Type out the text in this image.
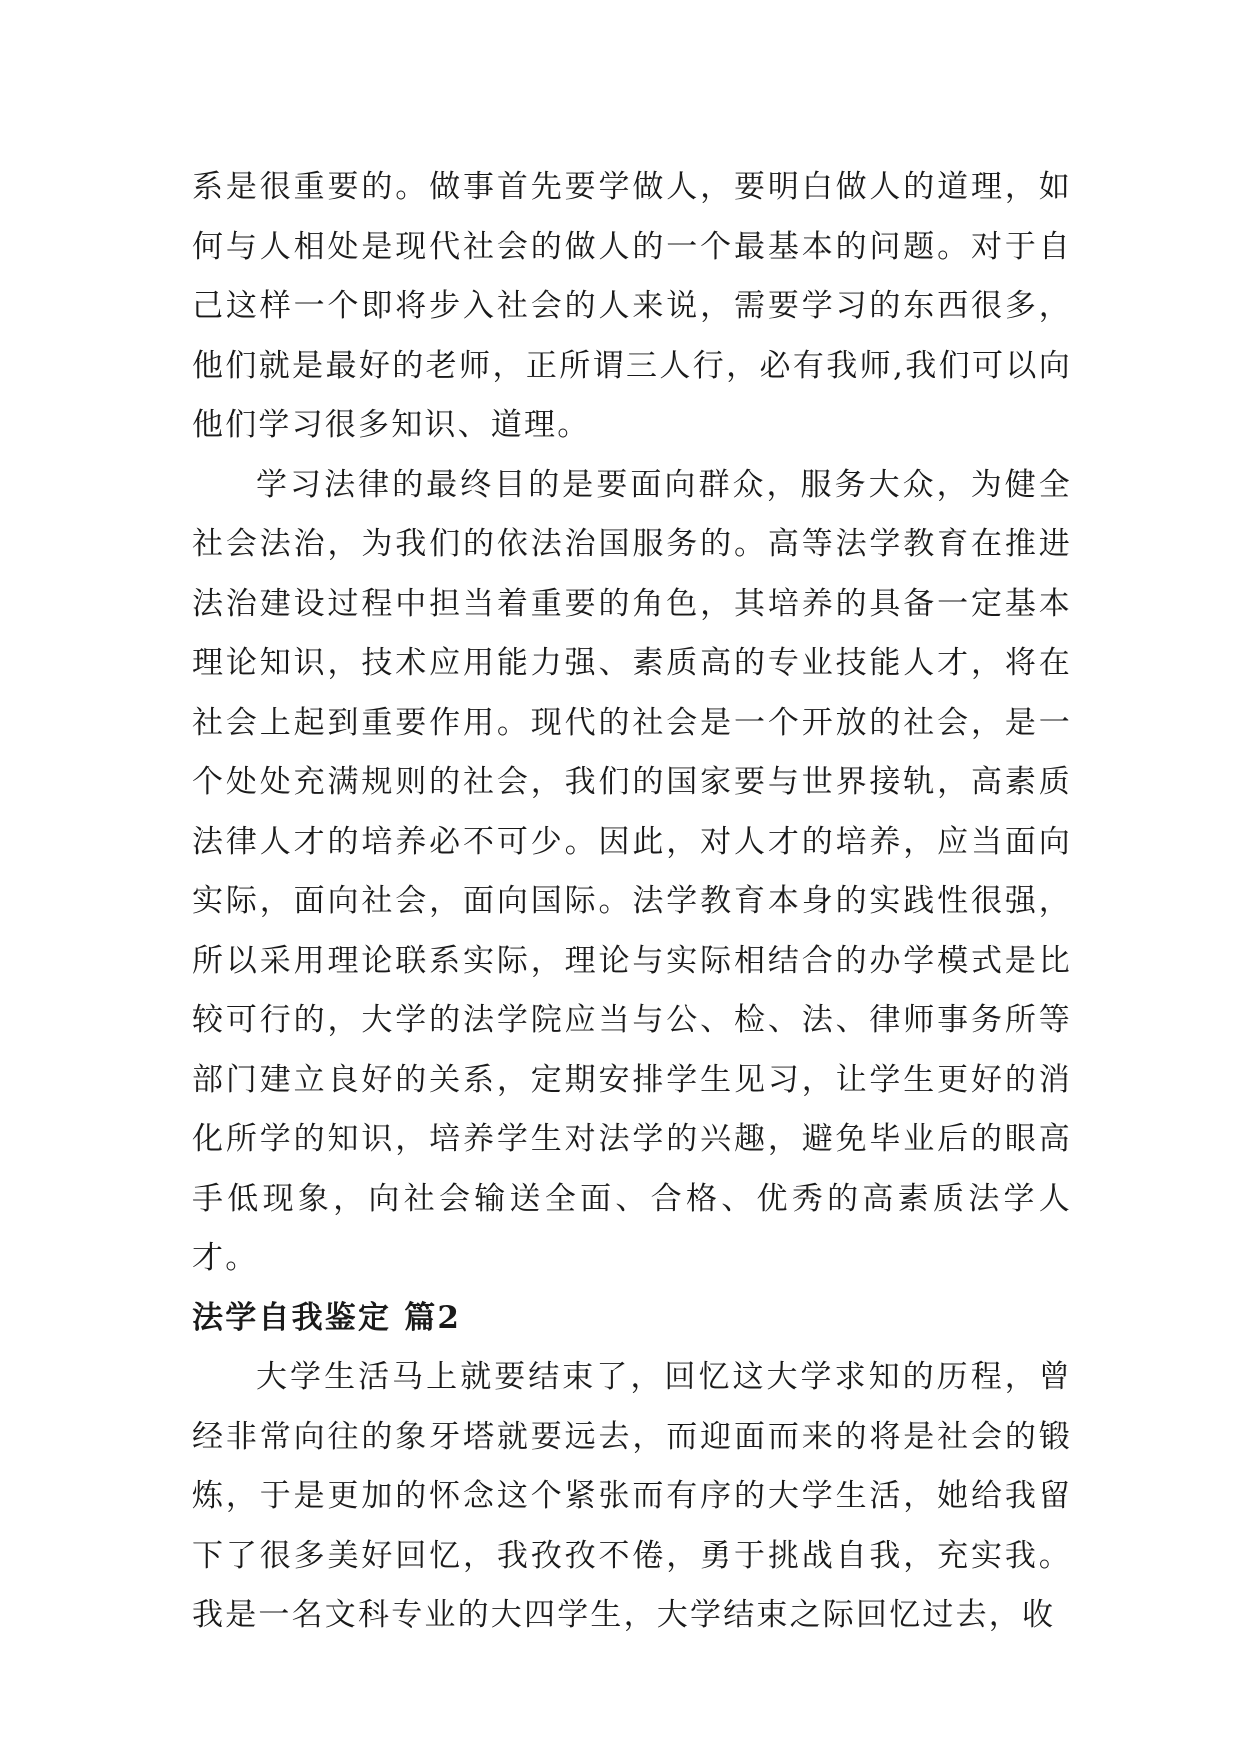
系是很重要的。做事首先要学做人，要明白做人的道理，如何与人相处是现代社会的做人的一个最基本的问题。对于自己这样一个即将步入社会的人来说，需要学习的东西很多，他们就是最好的老师，正所谓三人行，必有我师,我们可以向他们学习很多知识、道理。

学习法律的最终目的是要面向群众，服务大众，为健全社会法治，为我们的依法治国服务的。高等法学教育在推进法治建设过程中担当着重要的角色，其培养的具备一定基本理论知识，技术应用能力强、素质高的专业技能人才，将在社会上起到重要作用。现代的社会是一个开放的社会，是一个处处充满规则的社会，我们的国家要与世界接轨，高素质法律人才的培养必不可少。因此，对人才的培养，应当面向实际，面向社会，面向国际。法学教育本身的实践性很强，所以采用理论联系实际，理论与实际相结合的办学模式是比较可行的，大学的法学院应当与公、检、法、律师事务所等部门建立良好的关系，定期安排学生见习，让学生更好的消化所学的知识，培养学生对法学的兴趣，避免毕业后的眼高手低现象，向社会输送全面、合格、优秀的高素质法学人才。

法学自我鉴定 篇2

大学生活马上就要结束了，回忆这大学求知的历程，曾经非常向往的象牙塔就要远去，而迎面而来的将是社会的锻炼，于是更加的怀念这个紧张而有序的大学生活，她给我留下了很多美好回忆，我孜孜不倦，勇于挑战自我，充实我。我是一名文科专业的大四学生，大学结束之际回忆过去，收
